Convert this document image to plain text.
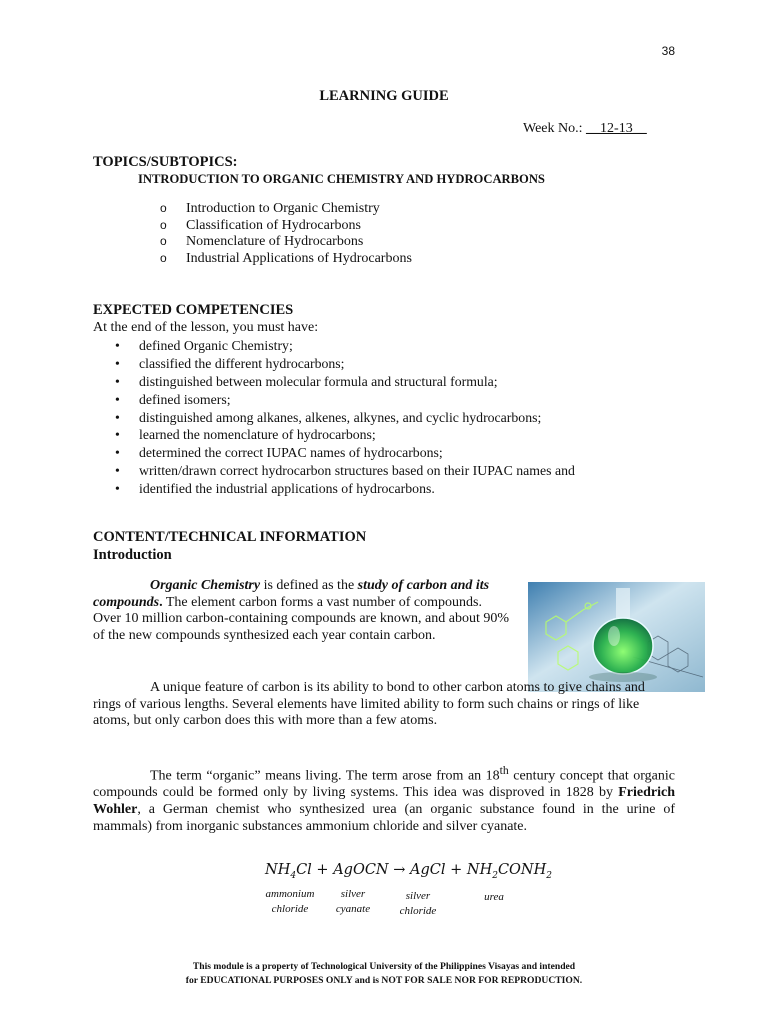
38
LEARNING GUIDE
Week No.: __12-13__
TOPICS/SUBTOPICS:
INTRODUCTION TO ORGANIC CHEMISTRY AND HYDROCARBONS
o Introduction to Organic Chemistry
o Classification of Hydrocarbons
o Nomenclature of Hydrocarbons
o Industrial Applications of Hydrocarbons
EXPECTED COMPETENCIES
At the end of the lesson, you must have:
• defined Organic Chemistry;
• classified the different hydrocarbons;
• distinguished between molecular formula and structural formula;
• defined isomers;
• distinguished among alkanes, alkenes, alkynes, and cyclic hydrocarbons;
• learned the nomenclature of hydrocarbons;
• determined the correct IUPAC names of hydrocarbons;
• written/drawn correct hydrocarbon structures based on their IUPAC names and
• identified the industrial applications of hydrocarbons.
CONTENT/TECHNICAL INFORMATION
Introduction

Organic Chemistry is defined as the study of carbon and its compounds. The element carbon forms a vast number of compounds. Over 10 million carbon-containing compounds are known, and about 90% of the new compounds synthesized each year contain carbon.

A unique feature of carbon is its ability to bond to other carbon atoms to give chains and rings of various lengths. Several elements have limited ability to form such chains or rings of like atoms, but only carbon does this with more than a few atoms.

The term “organic” means living. The term arose from an 18th century concept that organic compounds could be formed only by living systems. This idea was disproved in 1828 by Friedrich Wohler, a German chemist who synthesized urea (an organic substance found in the urine of mammals) from inorganic substances ammonium chloride and silver cyanate.

$NH_4Cl$ + AgOCN → AgCl + $NH_2CONH_2$
ammonium
chloride
silver
cyanate
silver
chloride
urea
This module is a property of Technological University of the Philippines Visayas and intended
for EDUCATIONAL PURPOSES ONLY and is NOT FOR SALE NOR FOR REPRODUCTION.
